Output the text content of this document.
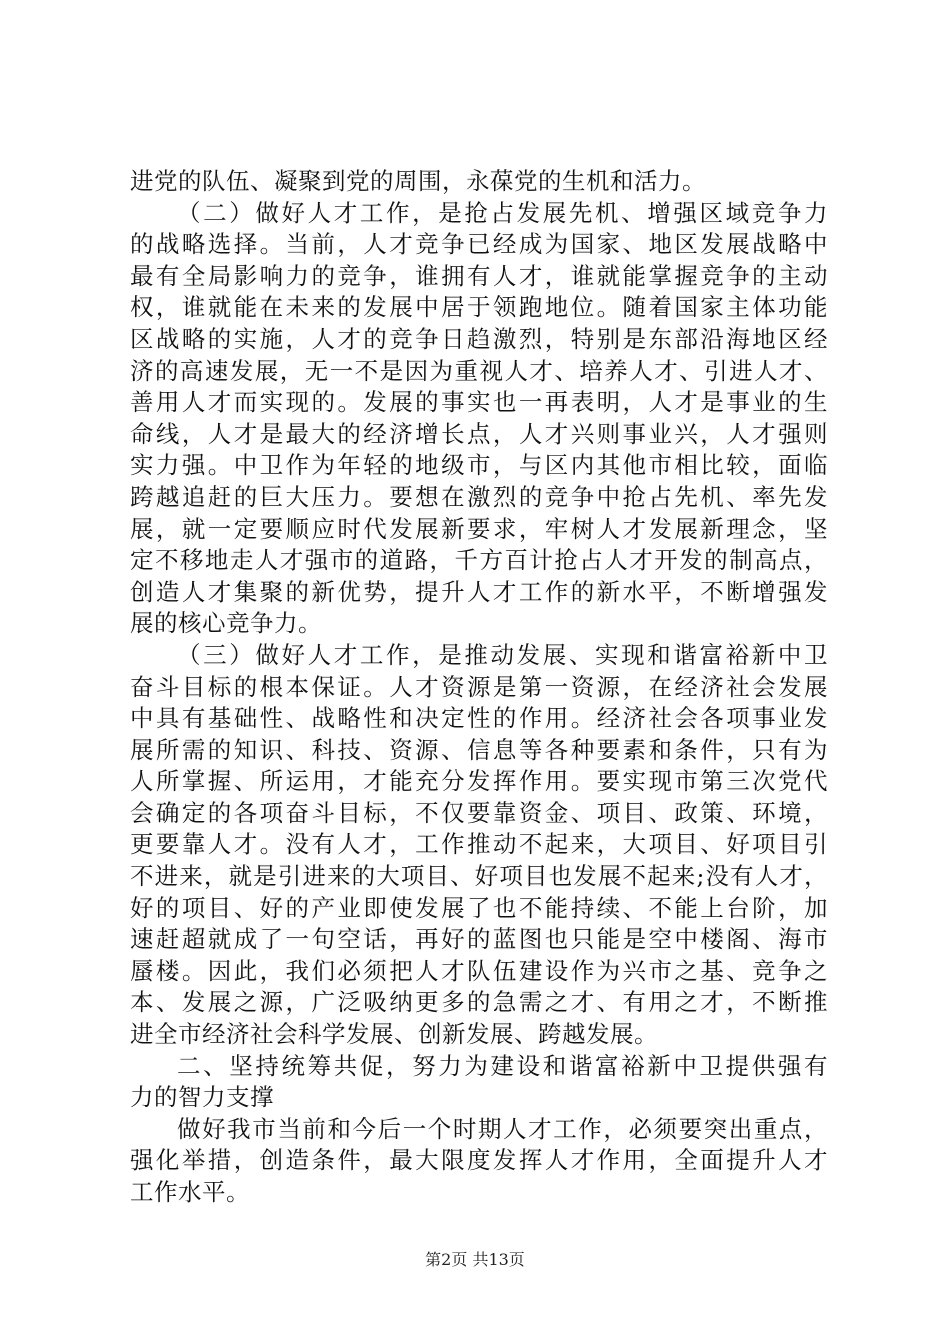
进党的队伍、凝聚到党的周围，永葆党的生机和活力。
（二）做好人才工作，是抢占发展先机、增强区域竞争力
的战略选择。当前，人才竞争已经成为国家、地区发展战略中
最有全局影响力的竞争，谁拥有人才，谁就能掌握竞争的主动
权，谁就能在未来的发展中居于领跑地位。随着国家主体功能
区战略的实施，人才的竞争日趋激烈，特别是东部沿海地区经
济的高速发展，无一不是因为重视人才、培养人才、引进人才、
善用人才而实现的。发展的事实也一再表明，人才是事业的生
命线，人才是最大的经济增长点，人才兴则事业兴，人才强则
实力强。中卫作为年轻的地级市，与区内其他市相比较，面临
跨越追赶的巨大压力。要想在激烈的竞争中抢占先机、率先发
展，就一定要顺应时代发展新要求，牢树人才发展新理念，坚
定不移地走人才强市的道路，千方百计抢占人才开发的制高点，
创造人才集聚的新优势，提升人才工作的新水平，不断增强发
展的核心竞争力。
（三）做好人才工作，是推动发展、实现和谐富裕新中卫
奋斗目标的根本保证。人才资源是第一资源，在经济社会发展
中具有基础性、战略性和决定性的作用。经济社会各项事业发
展所需的知识、科技、资源、信息等各种要素和条件，只有为
人所掌握、所运用，才能充分发挥作用。要实现市第三次党代
会确定的各项奋斗目标，不仅要靠资金、项目、政策、环境，
更要靠人才。没有人才，工作推动不起来，大项目、好项目引
不进来，就是引进来的大项目、好项目也发展不起来;没有人才，
好的项目、好的产业即使发展了也不能持续、不能上台阶，加
速赶超就成了一句空话，再好的蓝图也只能是空中楼阁、海市
蜃楼。因此，我们必须把人才队伍建设作为兴市之基、竞争之
本、发展之源，广泛吸纳更多的急需之才、有用之才，不断推
进全市经济社会科学发展、创新发展、跨越发展。
二、坚持统筹共促，努力为建设和谐富裕新中卫提供强有
力的智力支撑
做好我市当前和今后一个时期人才工作，必须要突出重点，
强化举措，创造条件，最大限度发挥人才作用，全面提升人才
工作水平。
第2页 共13页
